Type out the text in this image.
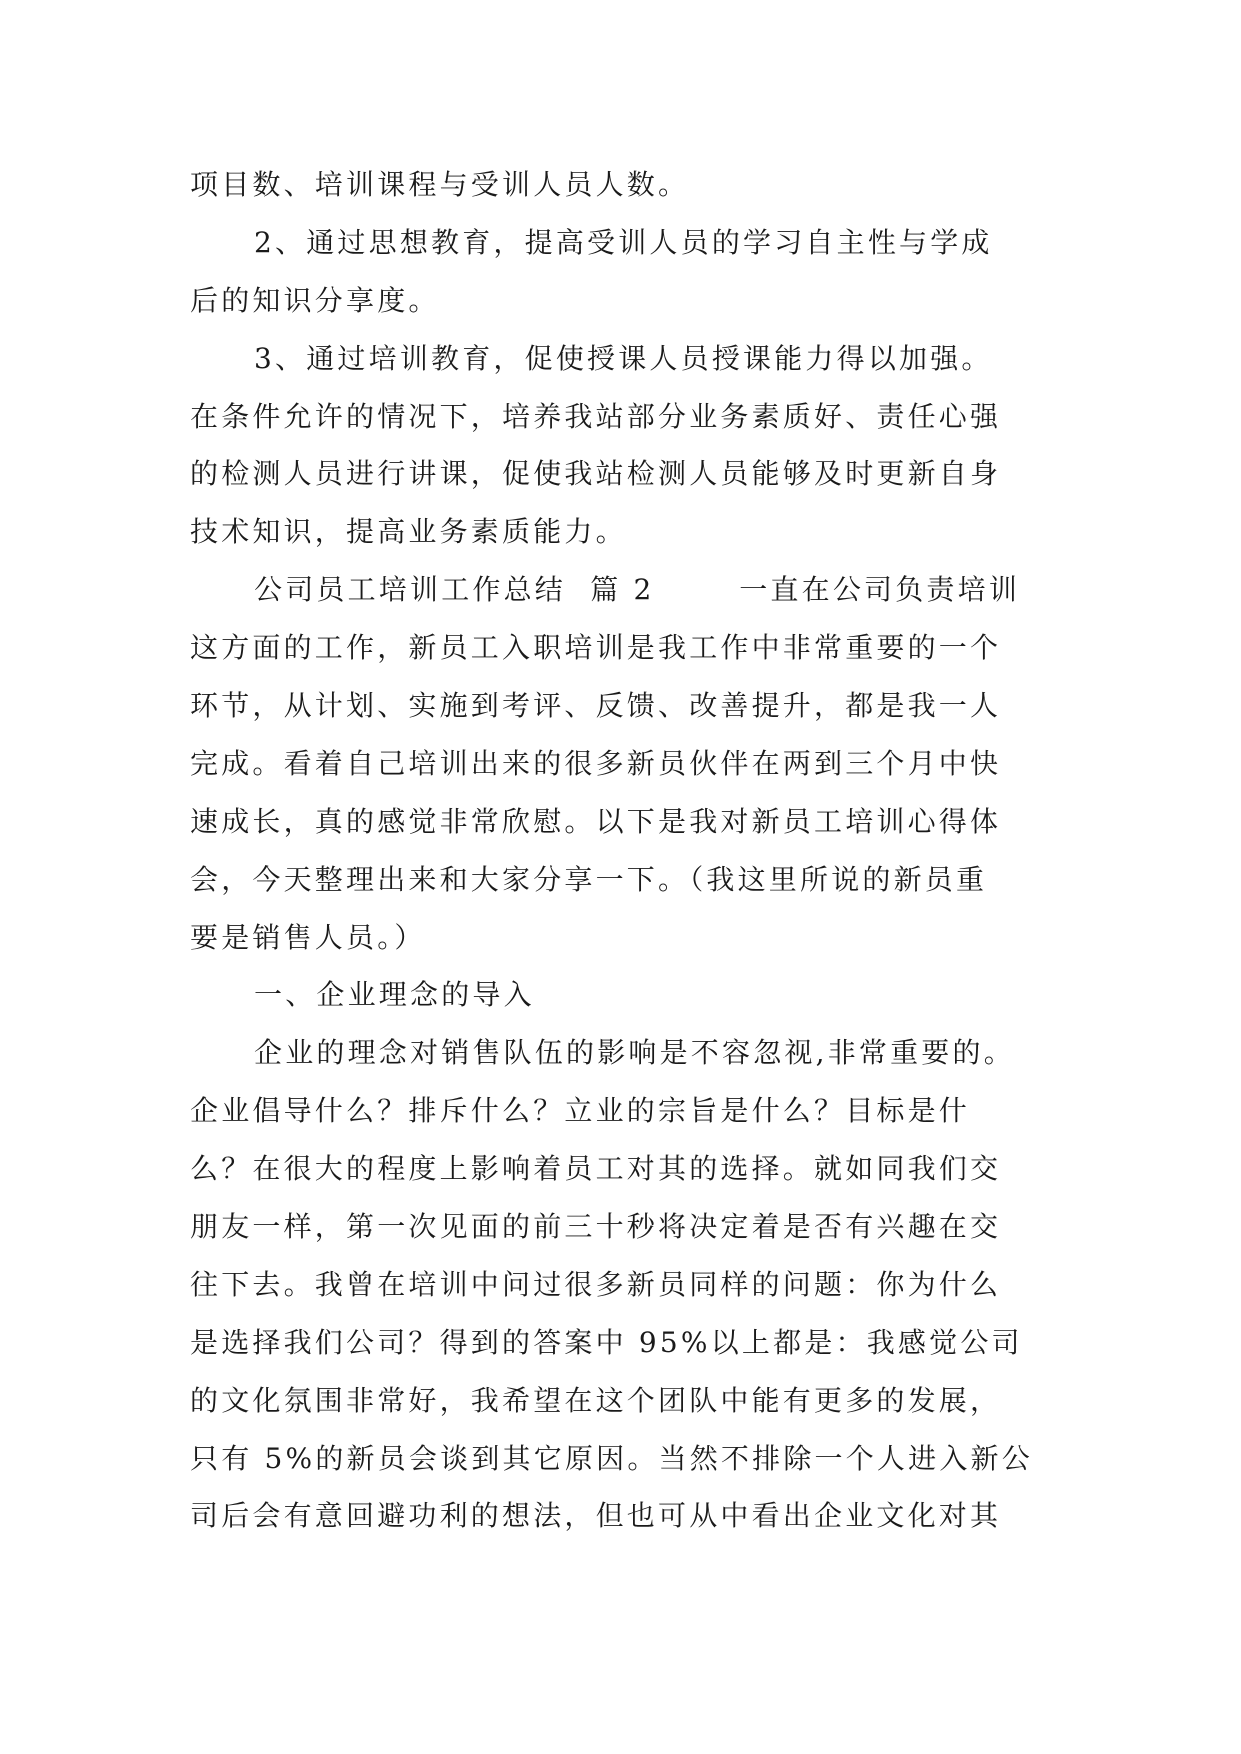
项目数、培训课程与受训人员人数。
2、通过思想教育，提高受训人员的学习自主性与学成
后的知识分享度。
3、通过培训教育，促使授课人员授课能力得以加强。
在条件允许的情况下，培养我站部分业务素质好、责任心强
的检测人员进行讲课，促使我站检测人员能够及时更新自身
技术知识，提高业务素质能力。
公司员工培训工作总结  篇 2       一直在公司负责培训
这方面的工作，新员工入职培训是我工作中非常重要的一个
环节，从计划、实施到考评、反馈、改善提升，都是我一人
完成。看着自己培训出来的很多新员伙伴在两到三个月中快
速成长，真的感觉非常欣慰。以下是我对新员工培训心得体
会，今天整理出来和大家分享一下。（我这里所说的新员重
要是销售人员。）
一、企业理念的导入
企业的理念对销售队伍的影响是不容忽视,非常重要的。
企业倡导什么？排斥什么？立业的宗旨是什么？目标是什
么？在很大的程度上影响着员工对其的选择。就如同我们交
朋友一样，第一次见面的前三十秒将决定着是否有兴趣在交
往下去。我曾在培训中问过很多新员同样的问题：你为什么
是选择我们公司？得到的答案中 95%以上都是：我感觉公司
的文化氛围非常好，我希望在这个团队中能有更多的发展，
只有 5%的新员会谈到其它原因。当然不排除一个人进入新公
司后会有意回避功利的想法，但也可从中看出企业文化对其
